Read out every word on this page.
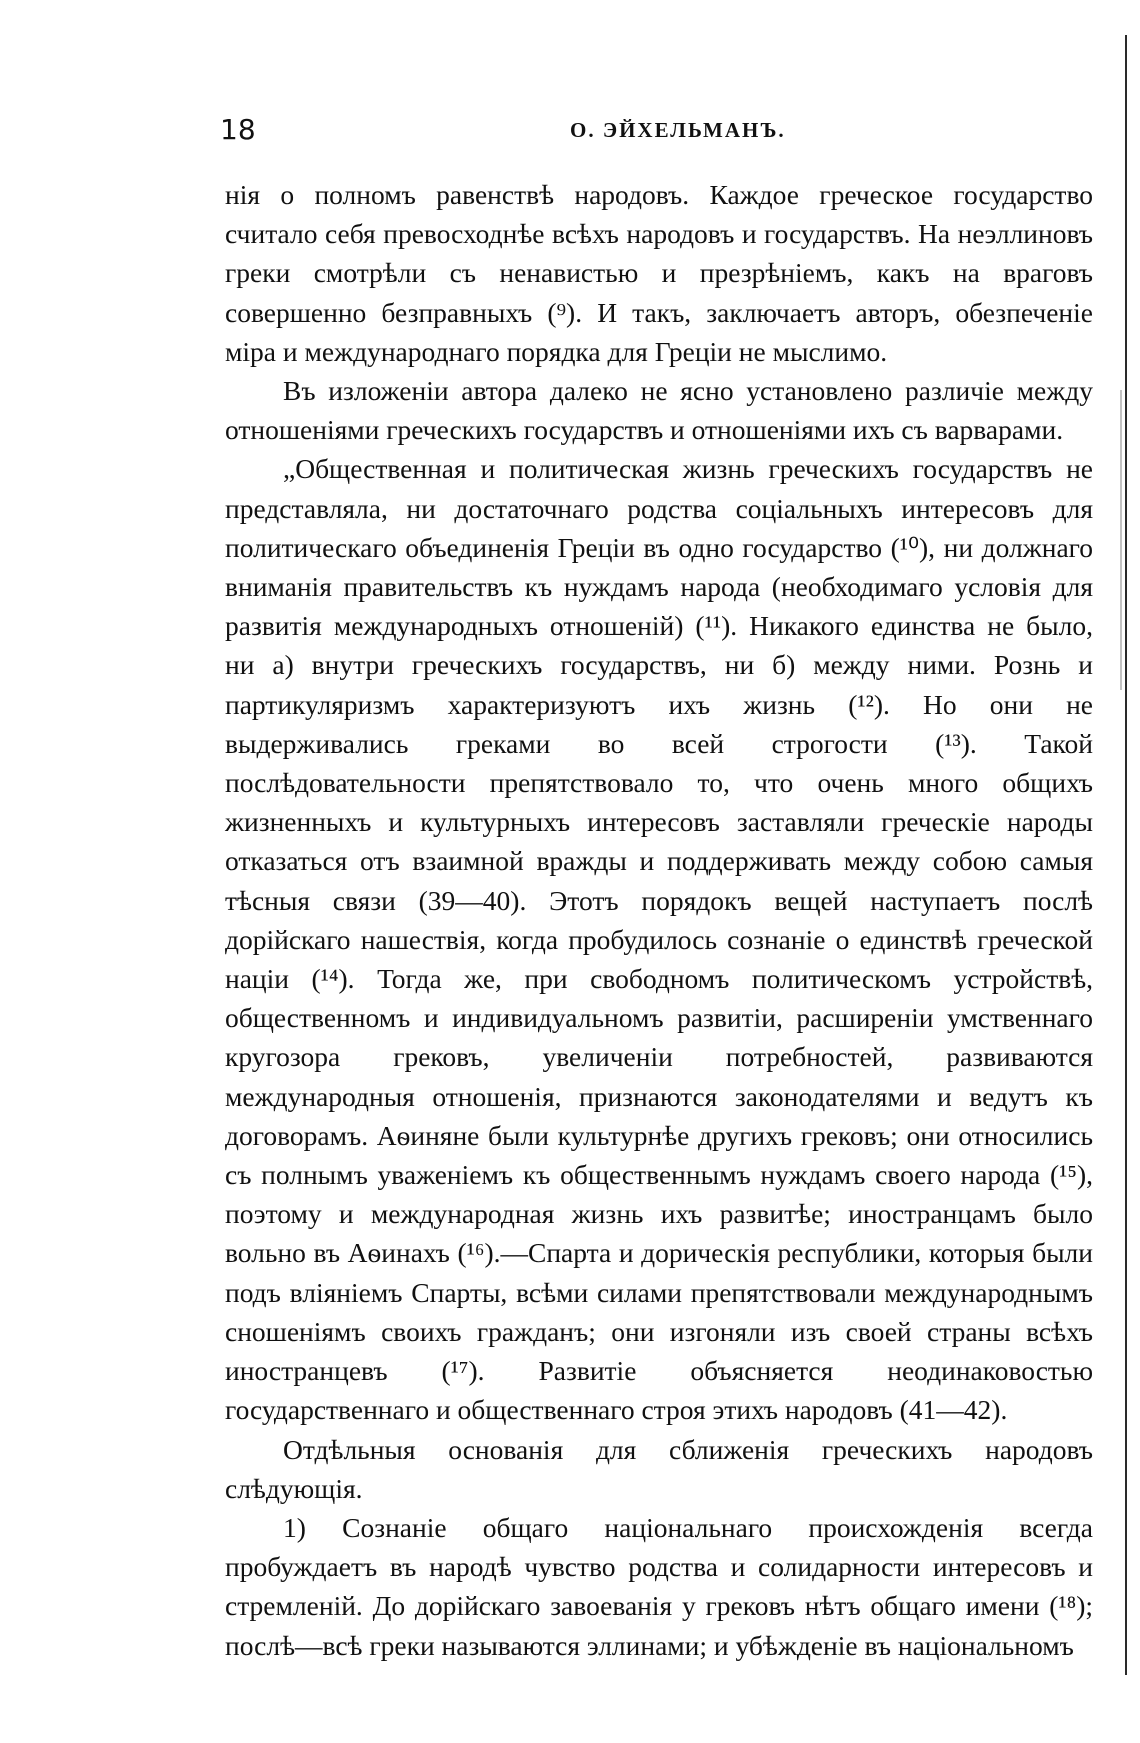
18	О. ЭЙХЕЛЬМАНЪ.

нія о полномъ равенствѣ народовъ. Каждое греческое государство считало себя превосходнѣе всѣхъ народовъ и государствъ. На неэллиновъ греки смотрѣли съ ненавистью и презрѣніемъ, какъ на враговъ совершенно безправныхъ (⁹). И такъ, заключаетъ авторъ, обезпеченіе міра и международнаго порядка для Греціи не мыслимо.

Въ изложеніи автора далеко не ясно установлено различіе между отношеніями греческихъ государствъ и отношеніями ихъ съ варварами.

„Общественная и политическая жизнь греческихъ государствъ не представляла, ни достаточнаго родства соціальныхъ интересовъ для политическаго объединенія Греціи въ одно государство (¹⁰), ни должнаго вниманія правительствъ къ нуждамъ народа (необходимаго условія для развитія международныхъ отношеній) (¹¹). Никакого единства не было, ни а) внутри греческихъ государствъ, ни б) между ними. Рознь и партикуляризмъ характеризуютъ ихъ жизнь (¹²). Но они не выдерживались греками во всей строгости (¹³). Такой послѣдовательности препятствовало то, что очень много общихъ жизненныхъ и культурныхъ интересовъ заставляли греческіе народы отказаться отъ взаимной вражды и поддерживать между собою самыя тѣсныя связи (39—40). Этотъ порядокъ вещей наступаетъ послѣ дорійскаго нашествія, когда пробудилось сознаніе о единствѣ греческой націи (¹⁴). Тогда же, при свободномъ политическомъ устройствѣ, общественномъ и индивидуальномъ развитіи, расширеніи умственнаго кругозора грековъ, увеличеніи потребностей, развиваются международныя отношенія, признаются законодателями и ведутъ къ договорамъ. Аѳиняне были культурнѣе другихъ грековъ; они относились съ полнымъ уваженіемъ къ общественнымъ нуждамъ своего народа (¹⁵), поэтому и международная жизнь ихъ развитѣе; иностранцамъ было вольно въ Аѳинахъ (¹⁶).—Спарта и дорическія республики, которыя были подъ вліяніемъ Спарты, всѣми силами препятствовали международнымъ сношеніямъ своихъ гражданъ; они изгоняли изъ своей страны всѣхъ иностранцевъ (¹⁷). Развитіе объясняется неодинаковостью государственнаго и общественнаго строя этихъ народовъ (41—42).

Отдѣльныя основанія для сближенія греческихъ народовъ слѣдующія.

1) Сознаніе общаго національнаго происхожденія всегда пробуждаетъ въ народѣ чувство родства и солидарности интересовъ и стремленій. До дорійскаго завоеванія у грековъ нѣтъ общаго имени (¹⁸); послѣ—всѣ греки называются эллинами; и убѣжденіе въ національномъ
